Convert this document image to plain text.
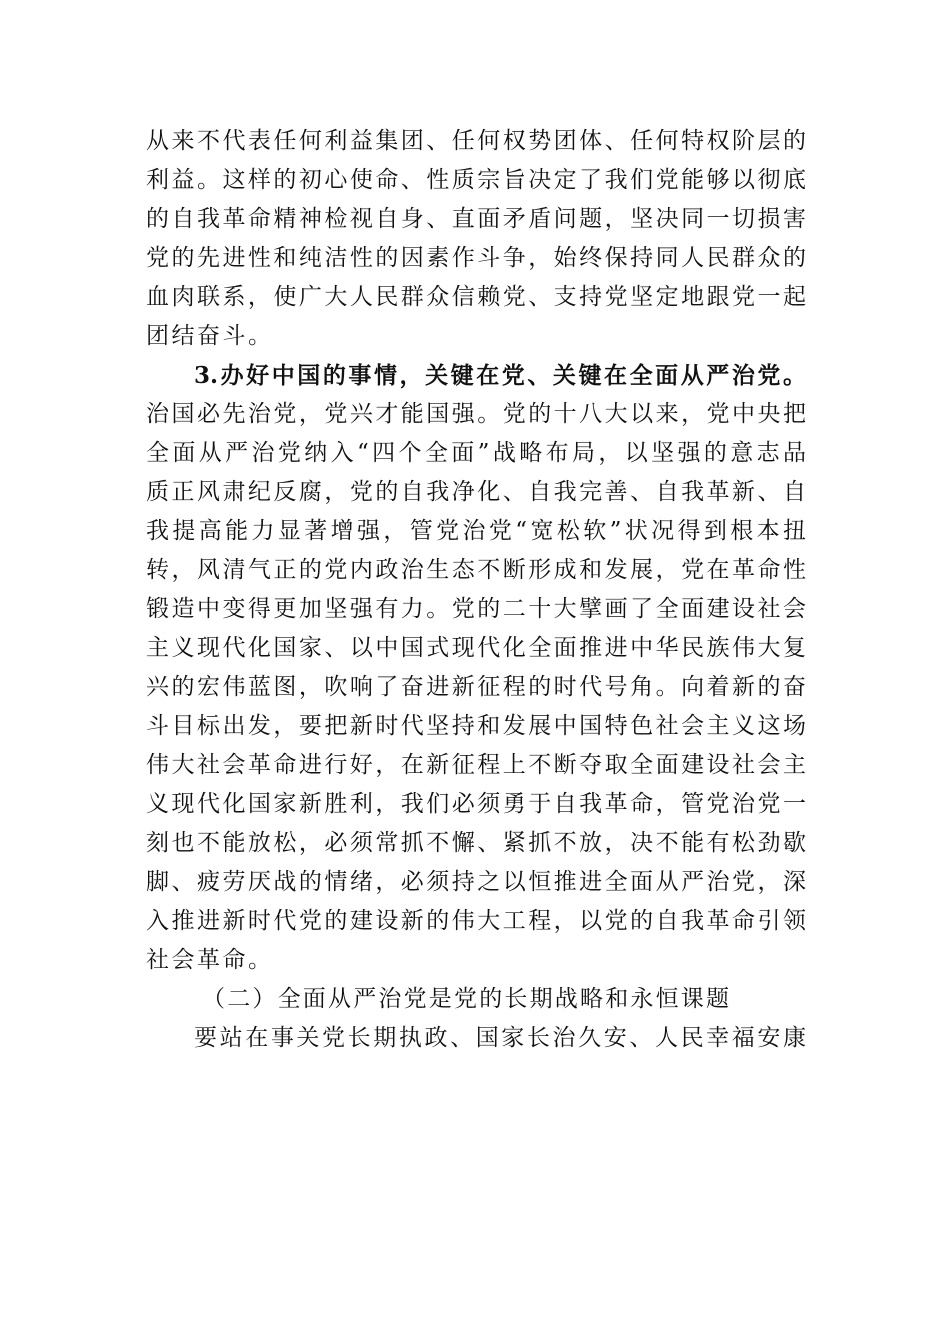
从来不代表任何利益集团、任何权势团体、任何特权阶层的
利益。这样的初心使命、性质宗旨决定了我们党能够以彻底
的自我革命精神检视自身、直面矛盾问题，坚决同一切损害
党的先进性和纯洁性的因素作斗争，始终保持同人民群众的
血肉联系，使广大人民群众信赖党、支持党坚定地跟党一起
团结奋斗。
3.办好中国的事情，关键在党、关键在全面从严治党。
治国必先治党，党兴才能国强。党的十八大以来，党中央把
全面从严治党纳入“四个全面”战略布局，以坚强的意志品
质正风肃纪反腐，党的自我净化、自我完善、自我革新、自
我提高能力显著增强，管党治党“宽松软”状况得到根本扭
转，风清气正的党内政治生态不断形成和发展，党在革命性
锻造中变得更加坚强有力。党的二十大擘画了全面建设社会
主义现代化国家、以中国式现代化全面推进中华民族伟大复
兴的宏伟蓝图，吹响了奋进新征程的时代号角。向着新的奋
斗目标出发，要把新时代坚持和发展中国特色社会主义这场
伟大社会革命进行好，在新征程上不断夺取全面建设社会主
义现代化国家新胜利，我们必须勇于自我革命，管党治党一
刻也不能放松，必须常抓不懈、紧抓不放，决不能有松劲歇
脚、疲劳厌战的情绪，必须持之以恒推进全面从严治党，深
入推进新时代党的建设新的伟大工程，以党的自我革命引领
社会革命。
（二）全面从严治党是党的长期战略和永恒课题
要站在事关党长期执政、国家长治久安、人民幸福安康
